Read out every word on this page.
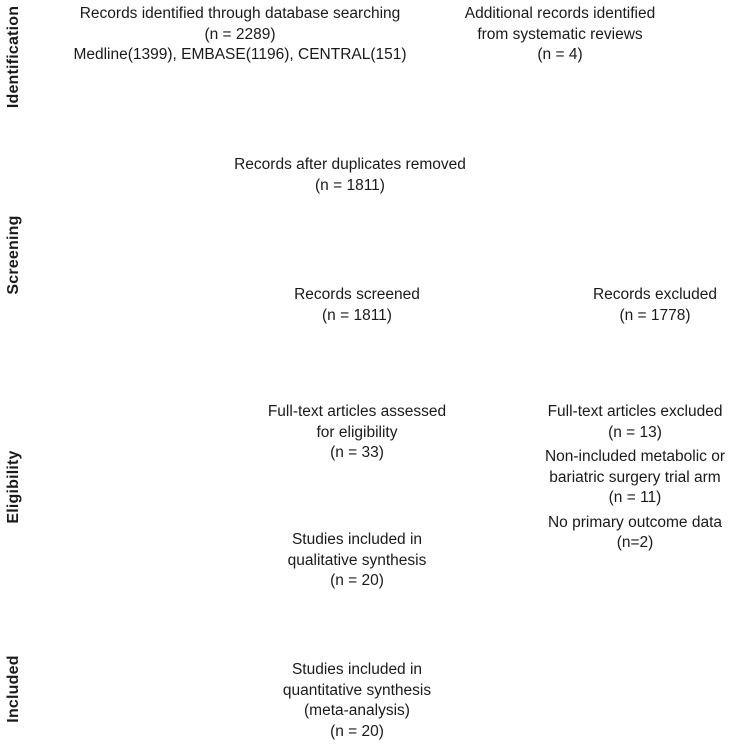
Identification
Screening
Eligibility
Included
Records identified through database searching
(n = 2289)
Medline(1399), EMBASE(1196), CENTRAL(151)
Additional records identified
from systematic reviews
(n = 4)
Records after duplicates removed
(n = 1811)
Records screened
(n = 1811)
Records excluded
(n = 1778)
Full-text articles assessed
for eligibility
(n = 33)
Full-text articles excluded
(n = 13)
Non-included metabolic or
bariatric surgery trial arm
(n = 11)
No primary outcome data
(n=2)
Studies included in
qualitative synthesis
(n = 20)
Studies included in
quantitative synthesis
(meta-analysis)
(n = 20)
